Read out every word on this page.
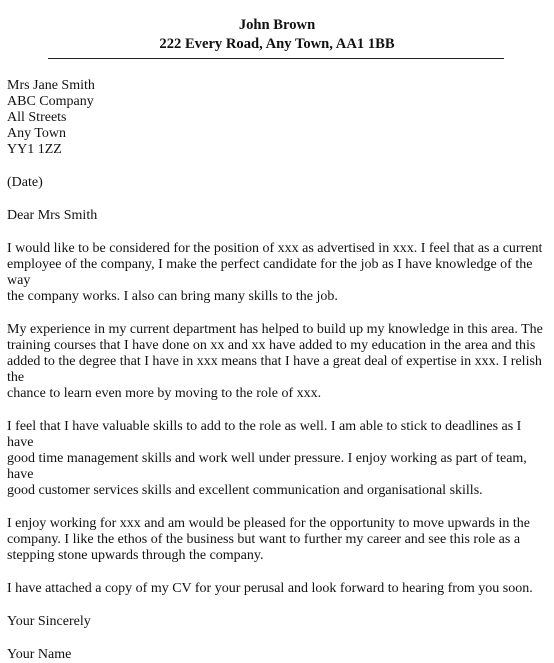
John Brown
222 Every Road, Any Town, AA1 1BB
Mrs Jane Smith
ABC Company
All Streets
Any Town
YY1 1ZZ
(Date)
Dear Mrs Smith

I would like to be considered for the position of xxx as advertised in xxx. I feel that as a current
employee of the company, I make the perfect candidate for the job as I have knowledge of the way
the company works. I also can bring many skills to the job.

My experience in my current department has helped to build up my knowledge in this area. The
training courses that I have done on xx and xx have added to my education in the area and this
added to the degree that I have in xxx means that I have a great deal of expertise in xxx. I relish the
chance to learn even more by moving to the role of xxx.

I feel that I have valuable skills to add to the role as well. I am able to stick to deadlines as I have
good time management skills and work well under pressure. I enjoy working as part of team, have
good customer services skills and excellent communication and organisational skills.

I enjoy working for xxx and am would be pleased for the opportunity to move upwards in the
company. I like the ethos of the business but want to further my career and see this role as a
stepping stone upwards through the company.

I have attached a copy of my CV for your perusal and look forward to hearing from you soon.

Your Sincerely
Your Name
